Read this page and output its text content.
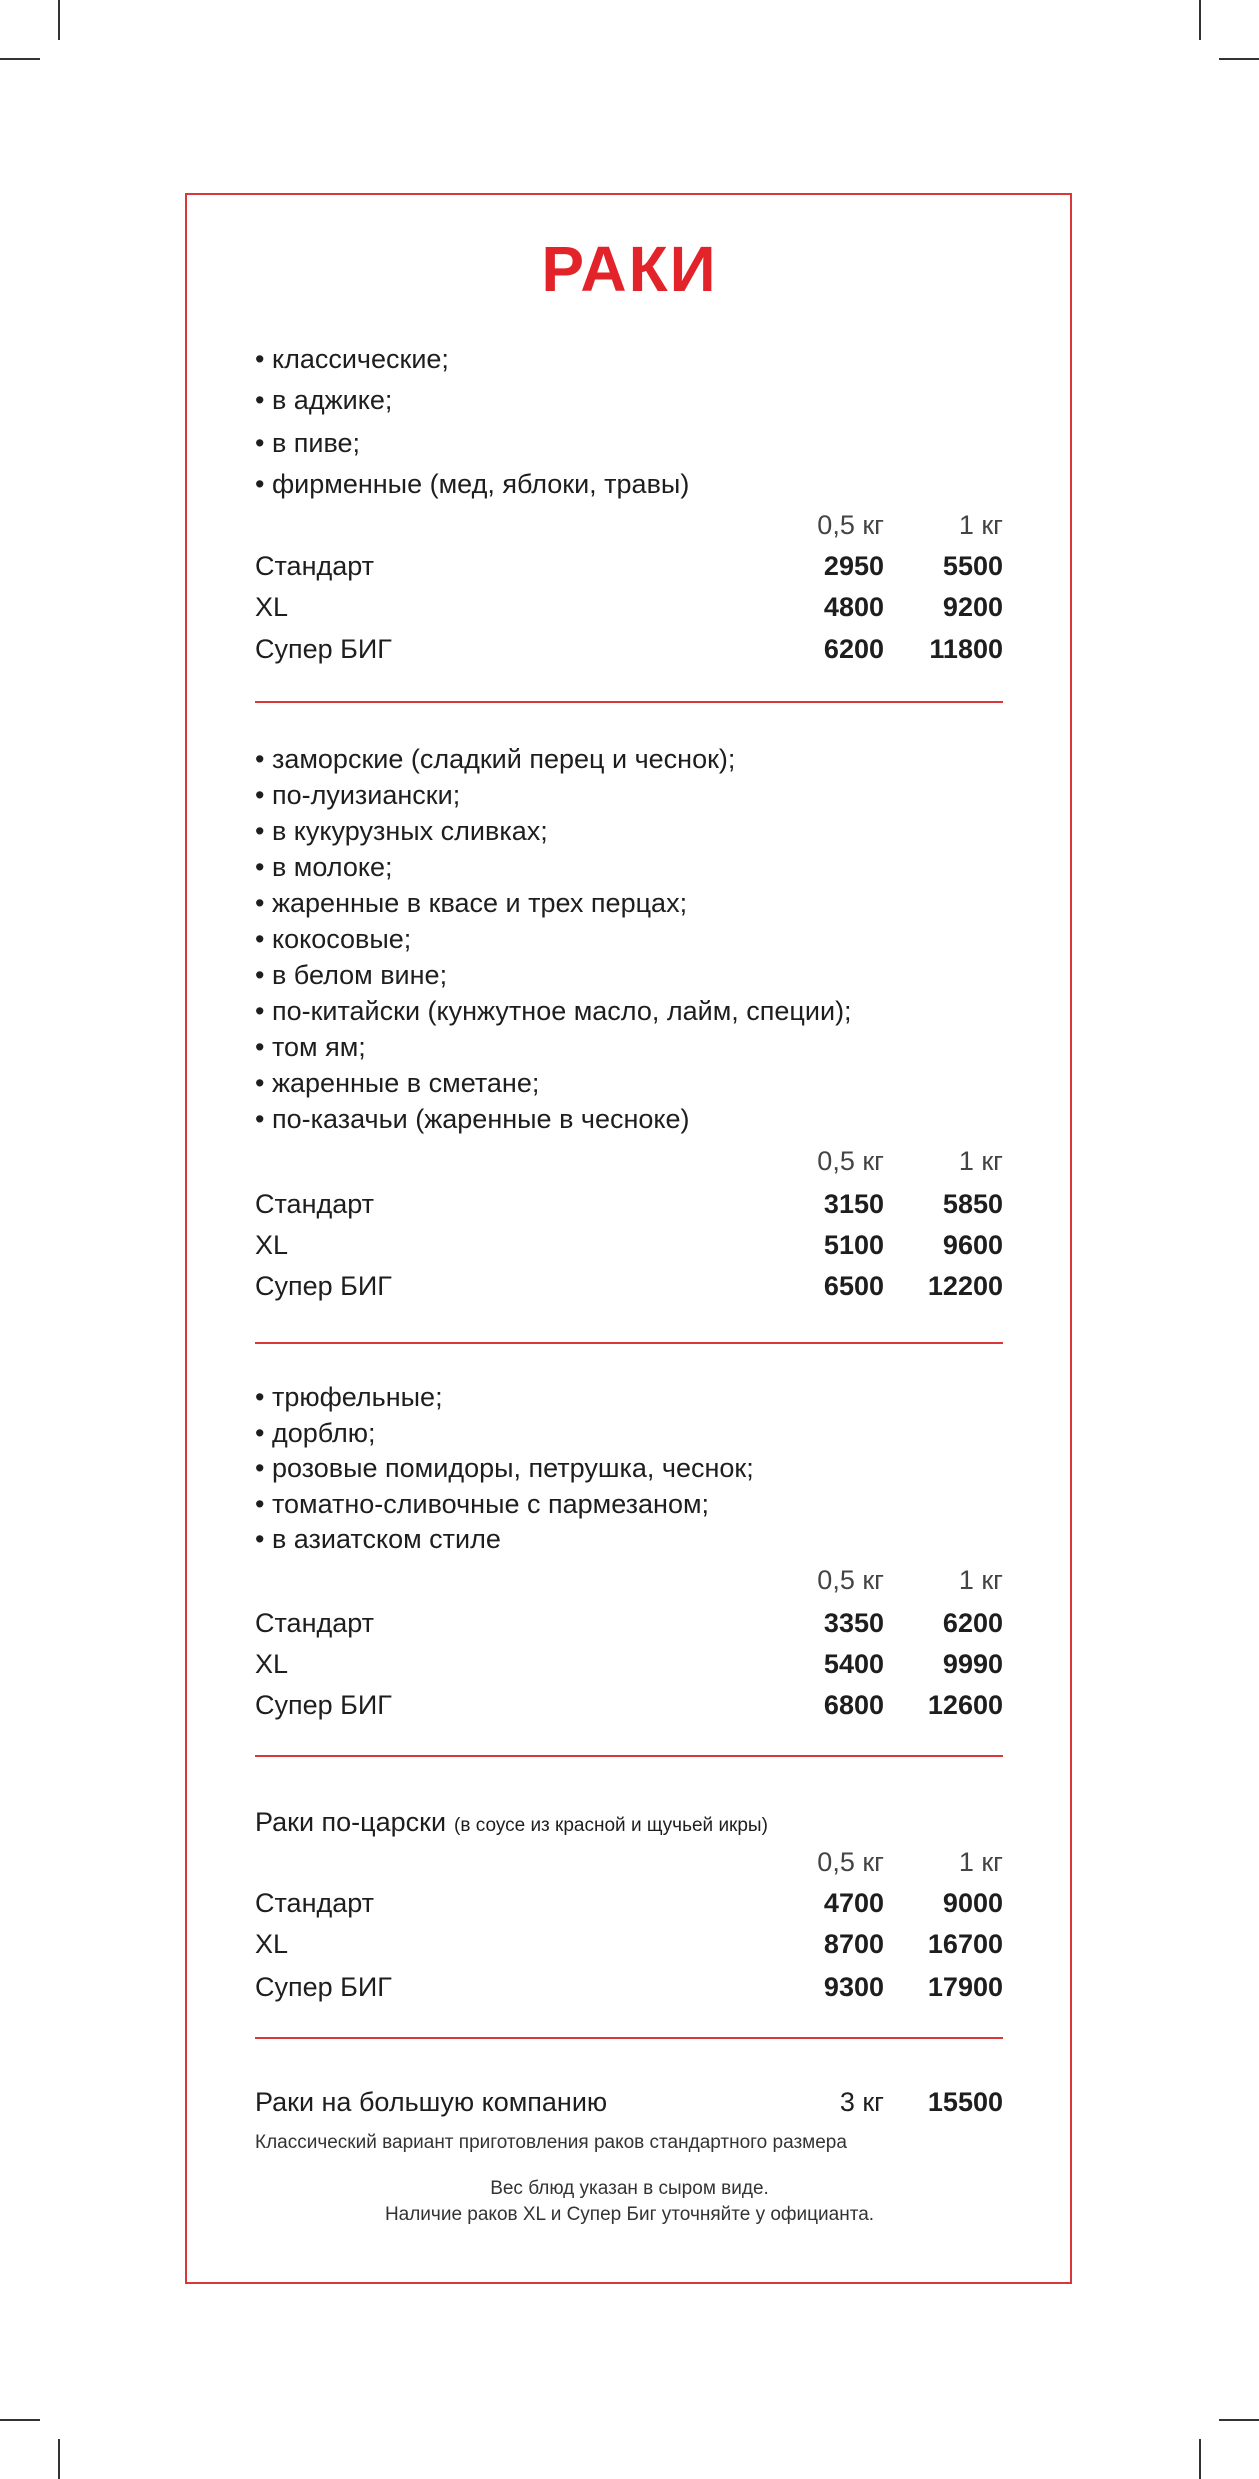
РАКИ
• классические;
• в аджике;
• в пиве;
• фирменные (мед, яблоки, травы)
0,5 кг	1 кг
Стандарт	2950 5500
XL	4800 9200
Супер БИГ	6200 11800
• заморские (сладкий перец и чеснок);
• по-луизиански;
• в кукурузных сливках;
• в молоке;
• жаренные в квасе и трех перцах;
• кокосовые;
• в белом вине;
• по-китайски (кунжутное масло, лайм, специи);
• том ям;
• жаренные в сметане;
• по-казачьи (жаренные в чесноке)
0,5 кг	1 кг
Стандарт	3150 5850
XL	5100 9600
Супер БИГ	6500 12200
• трюфельные;
• дорблю;
• розовые помидоры, петрушка, чеснок;
• томатно-сливочные с пармезаном;
• в азиатском стиле
0,5 кг	1 кг
Стандарт	3350 6200
XL	5400 9990
Супер БИГ	6800 12600
Раки по-царски (в соусе из красной и щучьей икры)
0,5 кг	1 кг
Стандарт	4700 9000
XL	8700 16700
Супер БИГ	9300 17900
Раки на большую компанию	3 кг 15500
Классический вариант приготовления раков стандартного размера
Вес блюд указан в сыром виде.
Наличие раков XL и Супер Биг уточняйте у официанта.
